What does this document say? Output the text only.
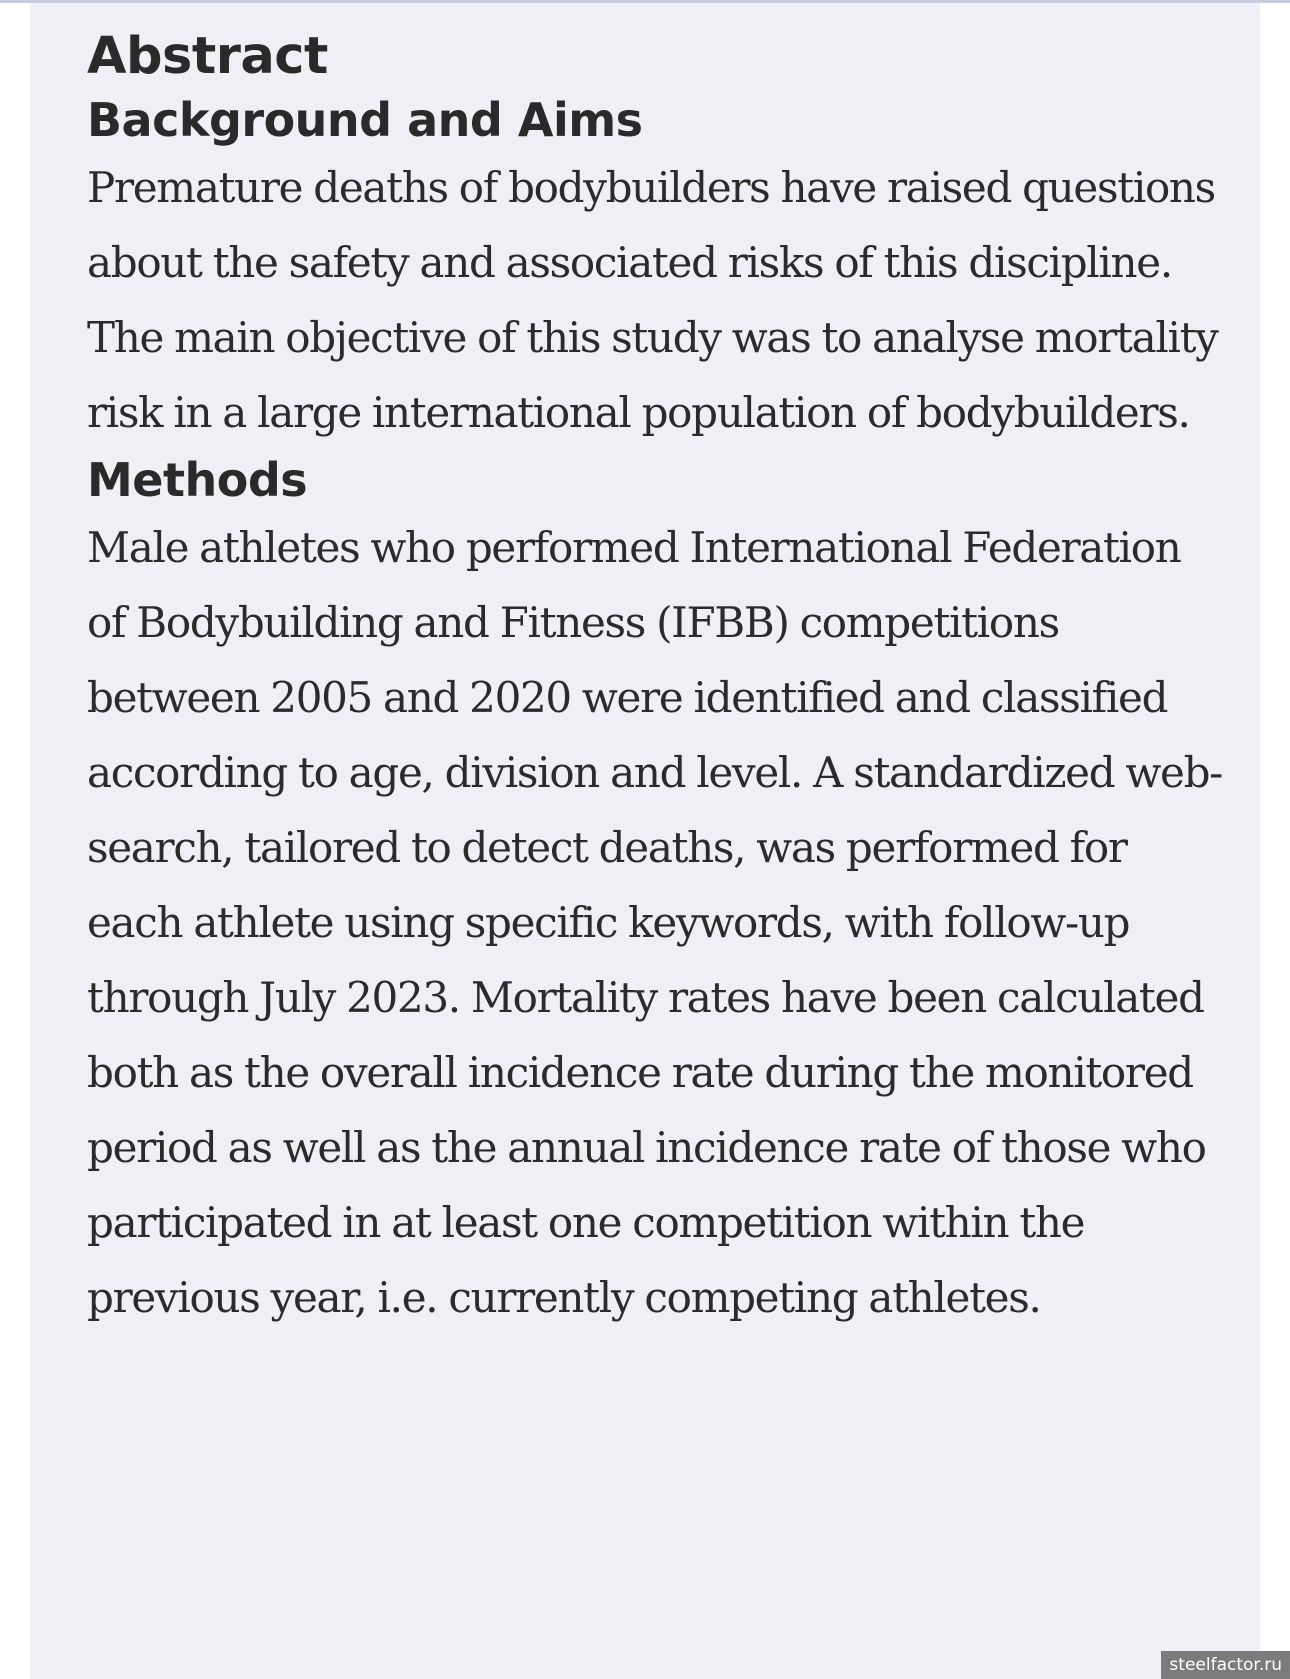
Abstract
Background and Aims

Premature deaths of bodybuilders have raised questions about the safety and associated risks of this discipline. The main objective of this study was to analyse mortality risk in a large international population of bodybuilders.

Methods

Male athletes who performed International Federation of Bodybuilding and Fitness (IFBB) competitions between 2005 and 2020 were identified and classified according to age, division and level. A standardized web-search, tailored to detect deaths, was performed for each athlete using specific keywords, with follow-up through July 2023. Mortality rates have been calculated both as the overall incidence rate during the monitored period as well as the annual incidence rate of those who participated in at least one competition within the previous year, i.e. currently competing athletes.

steelfactor.ru
